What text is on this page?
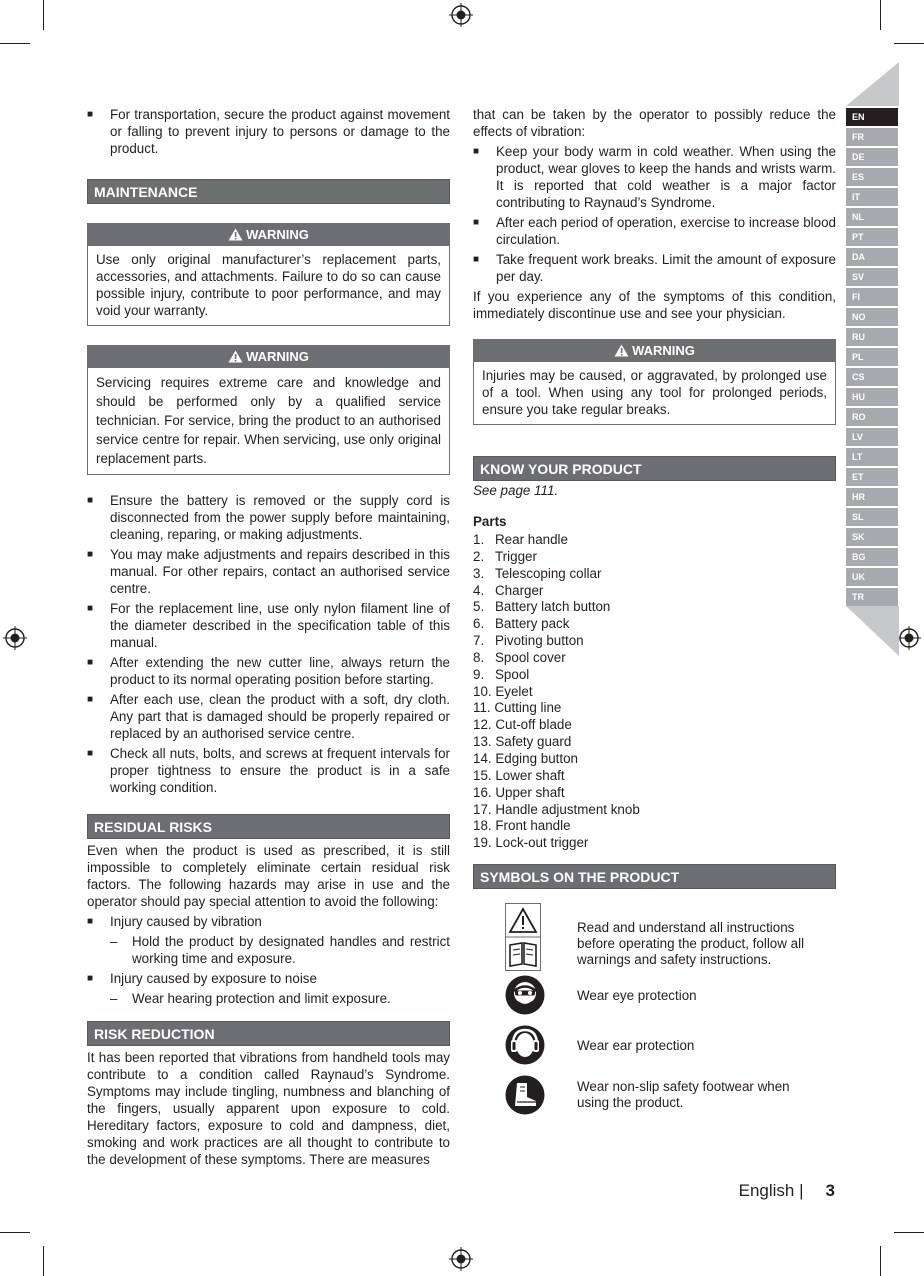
■ For transportation, secure the product against movement or falling to prevent injury to persons or damage to the product.
MAINTENANCE
WARNING
Use only original manufacturer’s replacement parts, accessories, and attachments. Failure to do so can cause possible injury, contribute to poor performance, and may void your warranty.
WARNING
Servicing requires extreme care and knowledge and should be performed only by a qualified service technician. For service, bring the product to an authorised service centre for repair. When servicing, use only original replacement parts.
■ Ensure the battery is removed or the supply cord is disconnected from the power supply before maintaining, cleaning, reparing, or making adjustments.
■ You may make adjustments and repairs described in this manual. For other repairs, contact an authorised service centre.
■ For the replacement line, use only nylon filament line of the diameter described in the specification table of this manual.
■ After extending the new cutter line, always return the product to its normal operating position before starting.
■ After each use, clean the product with a soft, dry cloth. Any part that is damaged should be properly repaired or replaced by an authorised service centre.
■ Check all nuts, bolts, and screws at frequent intervals for proper tightness to ensure the product is in a safe working condition.
RESIDUAL RISKS
Even when the product is used as prescribed, it is still impossible to completely eliminate certain residual risk factors. The following hazards may arise in use and the operator should pay special attention to avoid the following:
■ Injury caused by vibration
– Hold the product by designated handles and restrict working time and exposure.
■ Injury caused by exposure to noise
– Wear hearing protection and limit exposure.
RISK REDUCTION
It has been reported that vibrations from handheld tools may contribute to a condition called Raynaud’s Syndrome. Symptoms may include tingling, numbness and blanching of the fingers, usually apparent upon exposure to cold. Hereditary factors, exposure to cold and dampness, diet, smoking and work practices are all thought to contribute to the development of these symptoms. There are measures
that can be taken by the operator to possibly reduce the effects of vibration:
■ Keep your body warm in cold weather. When using the product, wear gloves to keep the hands and wrists warm. It is reported that cold weather is a major factor contributing to Raynaud’s Syndrome.
■ After each period of operation, exercise to increase blood circulation.
■ Take frequent work breaks. Limit the amount of exposure per day.
If you experience any of the symptoms of this condition, immediately discontinue use and see your physician.
WARNING
Injuries may be caused, or aggravated, by prolonged use of a tool. When using any tool for prolonged periods, ensure you take regular breaks.
KNOW YOUR PRODUCT
See page 111.
Parts
1. Rear handle
2. Trigger
3. Telescoping collar
4. Charger
5. Battery latch button
6. Battery pack
7. Pivoting button
8. Spool cover
9. Spool
10. Eyelet
11. Cutting line
12. Cut-off blade
13. Safety guard
14. Edging button
15. Lower shaft
16. Upper shaft
17. Handle adjustment knob
18. Front handle
19. Lock-out trigger
SYMBOLS ON THE PRODUCT
Read and understand all instructions before operating the product, follow all warnings and safety instructions.
Wear eye protection
Wear ear protection
Wear non-slip safety footwear when using the product.
EN
FR
DE
ES
IT
NL
PT
DA
SV
FI
NO
RU
PL
CS
HU
RO
LV
LT
ET
HR
SL
SK
BG
UK
TR
English | 3
